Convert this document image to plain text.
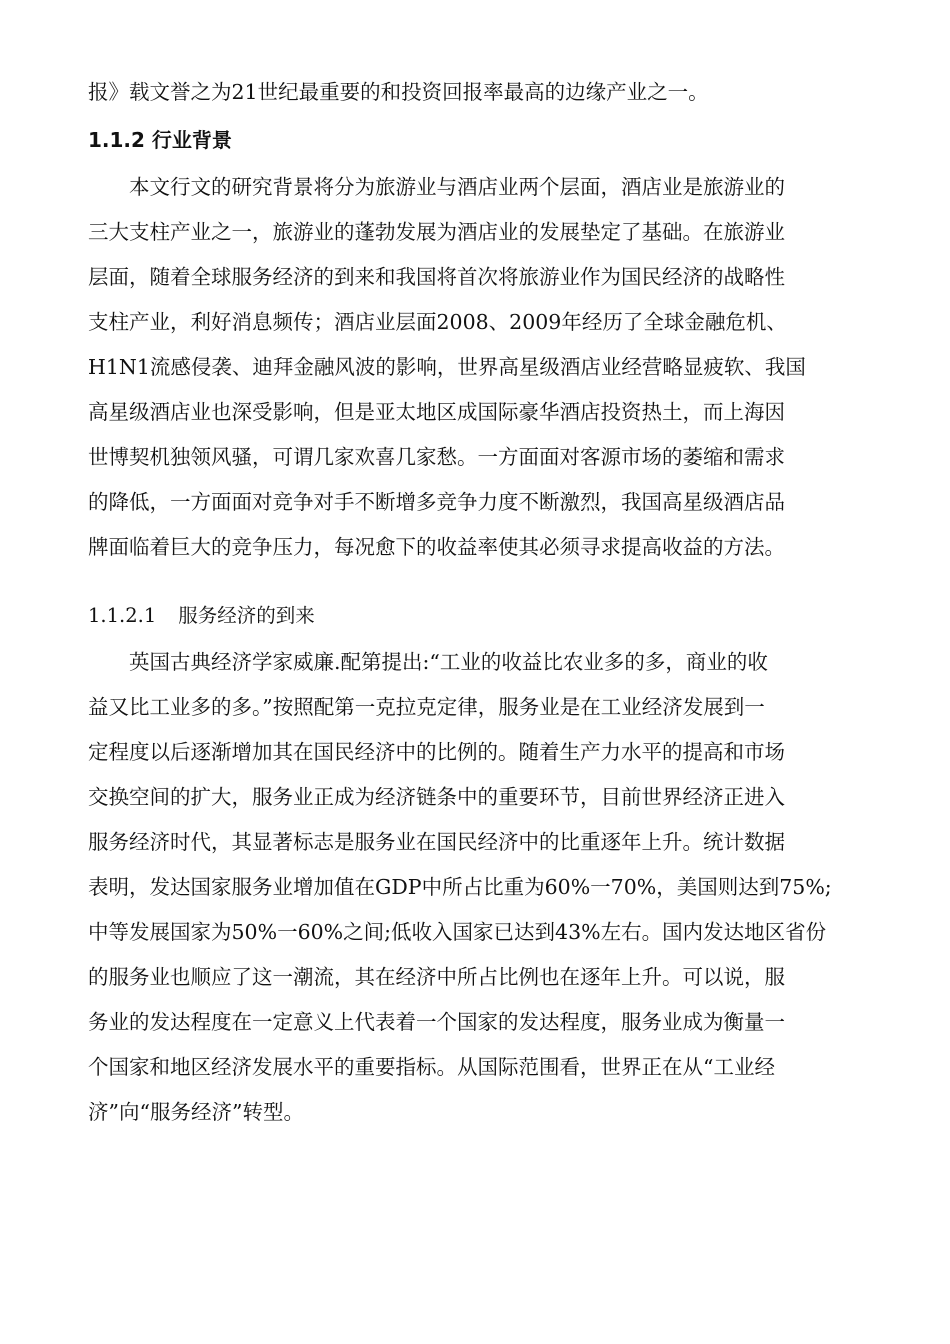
报》载文誉之为21世纪最重要的和投资回报率最高的边缘产业之一。
1.1.2 行业背景
本文行文的研究背景将分为旅游业与酒店业两个层面，酒店业是旅游业的
三大支柱产业之一，旅游业的蓬勃发展为酒店业的发展垫定了基础。在旅游业
层面，随着全球服务经济的到来和我国将首次将旅游业作为国民经济的战略性
支柱产业，利好消息频传；酒店业层面2008、2009年经历了全球金融危机、
H1N1流感侵袭、迪拜金融风波的影响，世界高星级酒店业经营略显疲软、我国
高星级酒店业也深受影响，但是亚太地区成国际豪华酒店投资热土，而上海因
世博契机独领风骚，可谓几家欢喜几家愁。一方面面对客源市场的萎缩和需求
的降低，一方面面对竞争对手不断增多竞争力度不断激烈，我国高星级酒店品
牌面临着巨大的竞争压力，每况愈下的收益率使其必须寻求提高收益的方法。
1.1.2.1 服务经济的到来
英国古典经济学家威廉.配第提出:“工业的收益比农业多的多，商业的收
益又比工业多的多。”按照配第一克拉克定律，服务业是在工业经济发展到一
定程度以后逐渐增加其在国民经济中的比例的。随着生产力水平的提高和市场
交换空间的扩大，服务业正成为经济链条中的重要环节，目前世界经济正进入
服务经济时代，其显著标志是服务业在国民经济中的比重逐年上升。统计数据
表明，发达国家服务业增加值在GDP中所占比重为60%一70%，美国则达到75%;
中等发展国家为50%一60%之间;低收入国家已达到43%左右。国内发达地区省份
的服务业也顺应了这一潮流，其在经济中所占比例也在逐年上升。可以说，服
务业的发达程度在一定意义上代表着一个国家的发达程度，服务业成为衡量一
个国家和地区经济发展水平的重要指标。从国际范围看，世界正在从“工业经
济”向“服务经济”转型。
